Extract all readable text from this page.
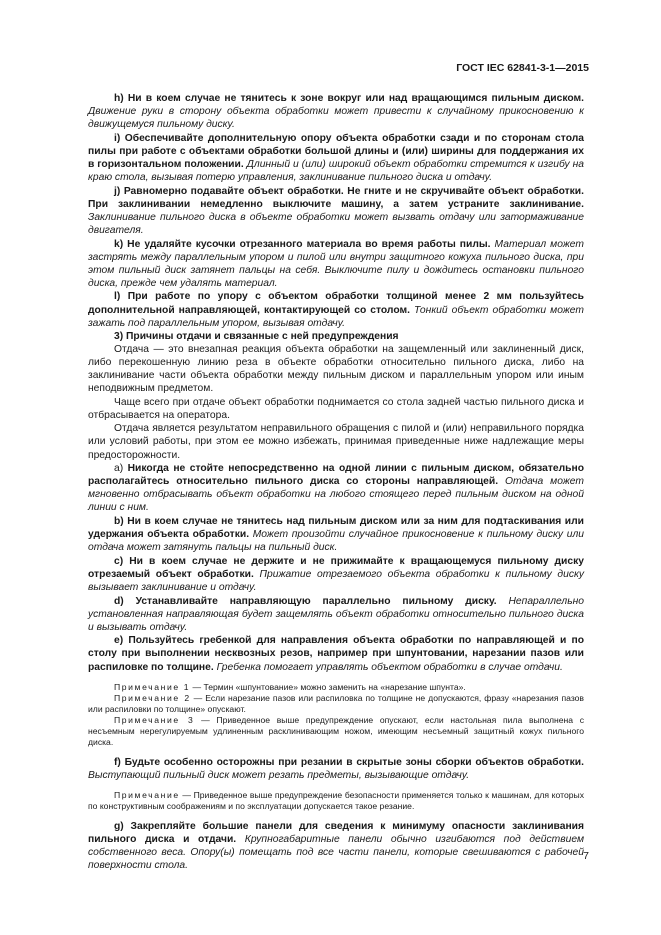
ГОСТ IEC 62841-3-1—2015

h) Ни в коем случае не тянитесь к зоне вокруг или над вращающимся пильным диском. Движение руки в сторону объекта обработки может привести к случайному прикосновению к движущемуся пильному диску.

i) Обеспечивайте дополнительную опору объекта обработки сзади и по сторонам стола пилы при работе с объектами обработки большой длины и (или) ширины для поддержания их в горизонтальном положении. Длинный и (или) широкий объект обработки стремится к изгибу на краю стола, вызывая потерю управления, заклинивание пильного диска и отдачу.

j) Равномерно подавайте объект обработки. Не гните и не скручивайте объект обработки. При заклинивании немедленно выключите машину, а затем устраните заклинивание. Заклинивание пильного диска в объекте обработки может вызвать отдачу или затормаживание двигателя.

k) Не удаляйте кусочки отрезанного материала во время работы пилы. Материал может застрять между параллельным упором и пилой или внутри защитного кожуха пильного диска, при этом пильный диск затянет пальцы на себя. Выключите пилу и дождитесь остановки пильного диска, прежде чем удалять материал.

l) При работе по упору с объектом обработки толщиной менее 2 мм пользуйтесь дополнительной направляющей, контактирующей со столом. Тонкий объект обработки может зажать под параллельным упором, вызывая отдачу.

3) Причины отдачи и связанные с ней предупреждения

Отдача — это внезапная реакция объекта обработки на защемленный или заклиненный диск, либо перекошенную линию реза в объекте обработки относительно пильного диска, либо на заклинивание части объекта обработки между пильным диском и параллельным упором или иным неподвижным предметом.

Чаще всего при отдаче объект обработки поднимается со стола задней частью пильного диска и отбрасывается на оператора.

Отдача является результатом неправильного обращения с пилой и (или) неправильного порядка или условий работы, при этом ее можно избежать, принимая приведенные ниже надлежащие меры предосторожности.

а) Никогда не стойте непосредственно на одной линии с пильным диском, обязательно располагайтесь относительно пильного диска со стороны направляющей. Отдача может мгновенно отбрасывать объект обработки на любого стоящего перед пильным диском на одной линии с ним.

b) Ни в коем случае не тянитесь над пильным диском или за ним для подтаскивания или удержания объекта обработки. Может произойти случайное прикосновение к пильному диску или отдача может затянуть пальцы на пильный диск.

c) Ни в коем случае не держите и не прижимайте к вращающемуся пильному диску отрезаемый объект обработки. Прижатие отрезаемого объекта обработки к пильному диску вызывает заклинивание и отдачу.

d) Устанавливайте направляющую параллельно пильному диску. Непараллельно установленная направляющая будет защемлять объект обработки относительно пильного диска и вызывать отдачу.

e) Пользуйтесь гребенкой для направления объекта обработки по направляющей и по столу при выполнении несквозных резов, например при шпунтовании, нарезании пазов или распиловке по толщине. Гребенка помогает управлять объектом обработки в случае отдачи.

Примечание 1 — Термин «шпунтование» можно заменить на «нарезание шпунта».

Примечание 2 — Если нарезание пазов или распиловка по толщине не допускаются, фразу «нарезания пазов или распиловки по толщине» опускают.

Примечание 3 — Приведенное выше предупреждение опускают, если настольная пила выполнена с несъемным нерегулируемым удлиненным расклинивающим ножом, имеющим несъемный защитный кожух пильного диска.

f) Будьте особенно осторожны при резании в скрытые зоны сборки объектов обработки. Выступающий пильный диск может резать предметы, вызывающие отдачу.

Примечание — Приведенное выше предупреждение безопасности применяется только к машинам, для которых по конструктивным соображениям и по эксплуатации допускается такое резание.

g) Закрепляйте большие панели для сведения к минимуму опасности заклинивания пильного диска и отдачи. Крупногабаритные панели обычно изгибаются под действием собственного веса. Опору(ы) помещать под все части панели, которые свешиваются с рабочей поверхности стола.

7
